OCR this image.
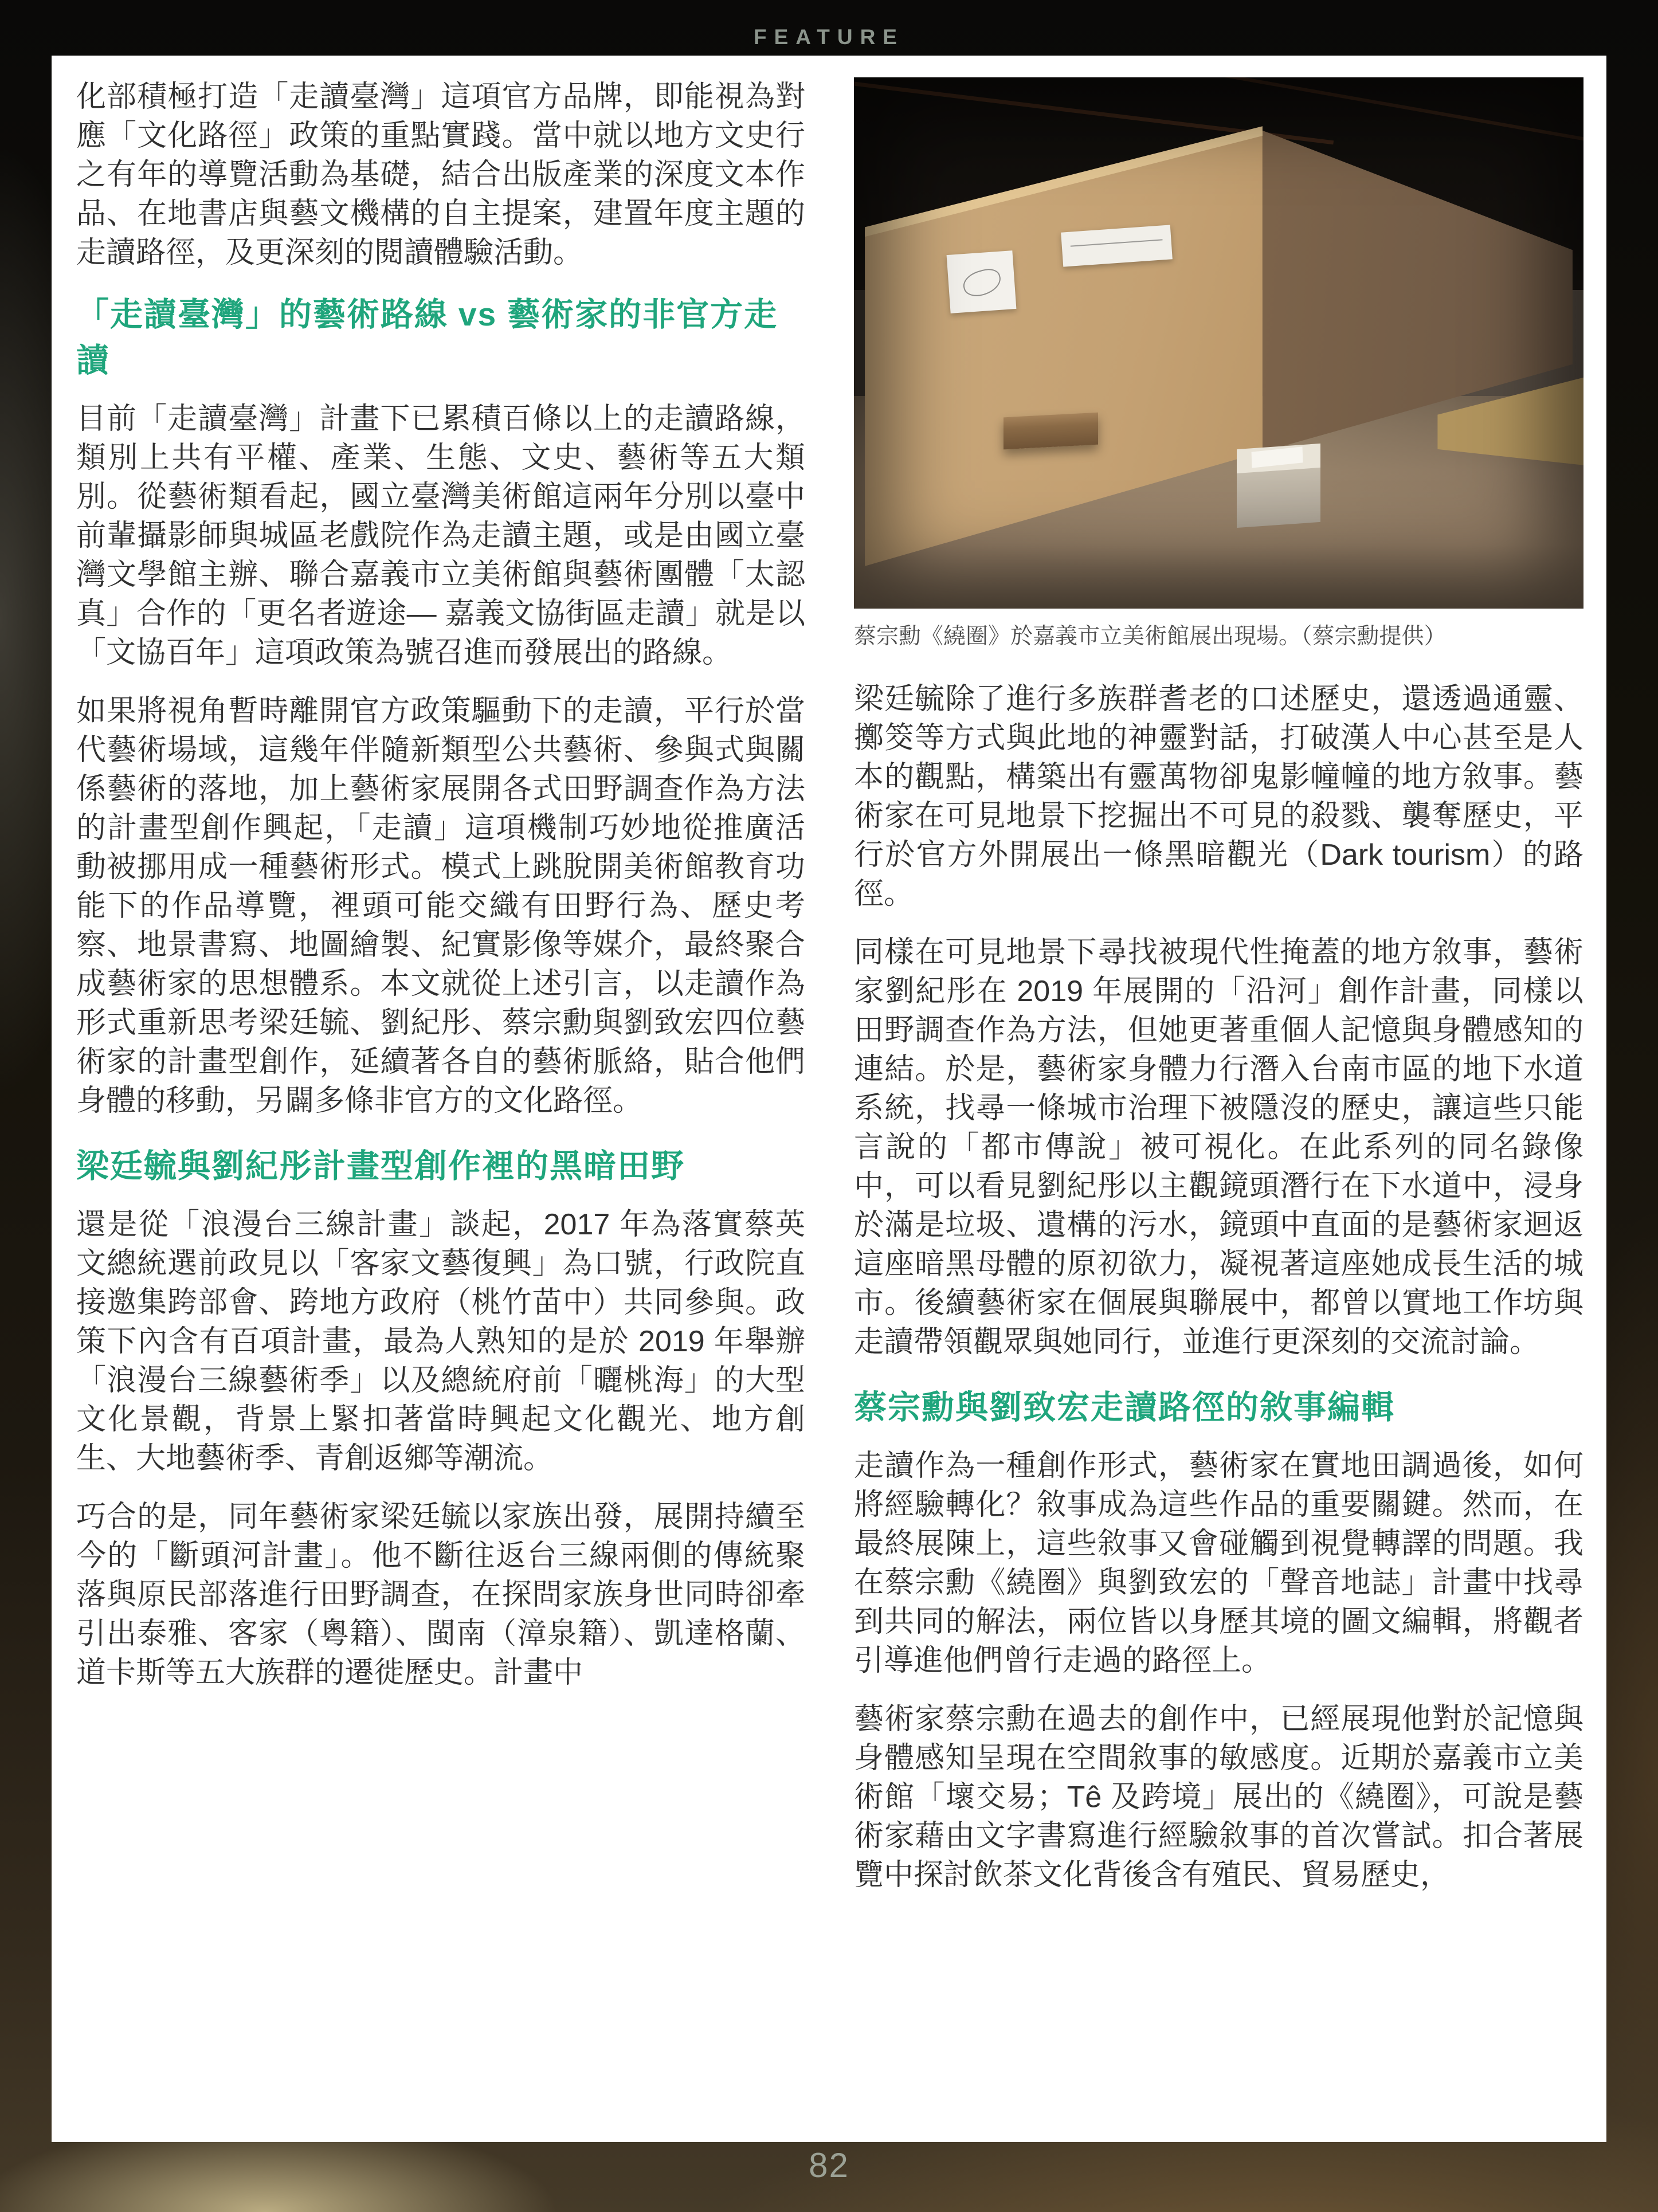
FEATURE

化部積極打造「走讀臺灣」這項官方品牌，即能視為對應「文化路徑」政策的重點實踐。當中就以地方文史行之有年的導覽活動為基礎，結合出版產業的深度文本作品、在地書店與藝文機構的自主提案，建置年度主題的走讀路徑，及更深刻的閱讀體驗活動。

「走讀臺灣」的藝術路線 vs 藝術家的非官方走讀

目前「走讀臺灣」計畫下已累積百條以上的走讀路線，類別上共有平權、產業、生態、文史、藝術等五大類別。從藝術類看起，國立臺灣美術館這兩年分別以臺中前輩攝影師與城區老戲院作為走讀主題，或是由國立臺灣文學館主辦、聯合嘉義市立美術館與藝術團體「太認真」合作的「更名者遊途— 嘉義文協街區走讀」就是以「文協百年」這項政策為號召進而發展出的路線。

如果將視角暫時離開官方政策驅動下的走讀，平行於當代藝術場域，這幾年伴隨新類型公共藝術、參與式與關係藝術的落地，加上藝術家展開各式田野調查作為方法的計畫型創作興起，「走讀」這項機制巧妙地從推廣活動被挪用成一種藝術形式。模式上跳脫開美術館教育功能下的作品導覽，裡頭可能交織有田野行為、歷史考察、地景書寫、地圖繪製、紀實影像等媒介，最終聚合成藝術家的思想體系。本文就從上述引言，以走讀作為形式重新思考梁廷毓、劉紀彤、蔡宗勳與劉致宏四位藝術家的計畫型創作，延續著各自的藝術脈絡，貼合他們身體的移動，另闢多條非官方的文化路徑。

梁廷毓與劉紀彤計畫型創作裡的黑暗田野

還是從「浪漫台三線計畫」談起，2017 年為落實蔡英文總統選前政見以「客家文藝復興」為口號，行政院直接邀集跨部會、跨地方政府（桃竹苗中）共同參與。政策下內含有百項計畫，最為人熟知的是於 2019 年舉辦「浪漫台三線藝術季」以及總統府前「曬桃海」的大型文化景觀，背景上緊扣著當時興起文化觀光、地方創生、大地藝術季、青創返鄉等潮流。

巧合的是，同年藝術家梁廷毓以家族出發，展開持續至今的「斷頭河計畫」。他不斷往返台三線兩側的傳統聚落與原民部落進行田野調查，在探問家族身世同時卻牽引出泰雅、客家（粵籍）、閩南（漳泉籍）、凱達格蘭、道卡斯等五大族群的遷徙歷史。計畫中

蔡宗勳《繞圈》於嘉義市立美術館展出現場。（蔡宗勳提供）

梁廷毓除了進行多族群耆老的口述歷史，還透過通靈、擲筊等方式與此地的神靈對話，打破漢人中心甚至是人本的觀點，構築出有靈萬物卻鬼影幢幢的地方敘事。藝術家在可見地景下挖掘出不可見的殺戮、襲奪歷史，平行於官方外開展出一條黑暗觀光（Dark tourism）的路徑。

同樣在可見地景下尋找被現代性掩蓋的地方敘事，藝術家劉紀彤在 2019 年展開的「沿河」創作計畫，同樣以田野調查作為方法，但她更著重個人記憶與身體感知的連結。於是，藝術家身體力行潛入台南市區的地下水道系統，找尋一條城市治理下被隱沒的歷史，讓這些只能言說的「都市傳說」被可視化。在此系列的同名錄像中，可以看見劉紀彤以主觀鏡頭潛行在下水道中，浸身於滿是垃圾、遺構的污水，鏡頭中直面的是藝術家迴返這座暗黑母體的原初欲力，凝視著這座她成長生活的城市。後續藝術家在個展與聯展中，都曾以實地工作坊與走讀帶領觀眾與她同行，並進行更深刻的交流討論。

蔡宗勳與劉致宏走讀路徑的敘事編輯

走讀作為一種創作形式，藝術家在實地田調過後，如何將經驗轉化？敘事成為這些作品的重要關鍵。然而，在最終展陳上，這些敘事又會碰觸到視覺轉譯的問題。我在蔡宗勳《繞圈》與劉致宏的「聲音地誌」計畫中找尋到共同的解法，兩位皆以身歷其境的圖文編輯，將觀者引導進他們曾行走過的路徑上。

藝術家蔡宗勳在過去的創作中，已經展現他對於記憶與身體感知呈現在空間敘事的敏感度。近期於嘉義市立美術館「壞交易；Tê 及跨境」展出的《繞圈》，可說是藝術家藉由文字書寫進行經驗敘事的首次嘗試。扣合著展覽中探討飲茶文化背後含有殖民、貿易歷史，

82
